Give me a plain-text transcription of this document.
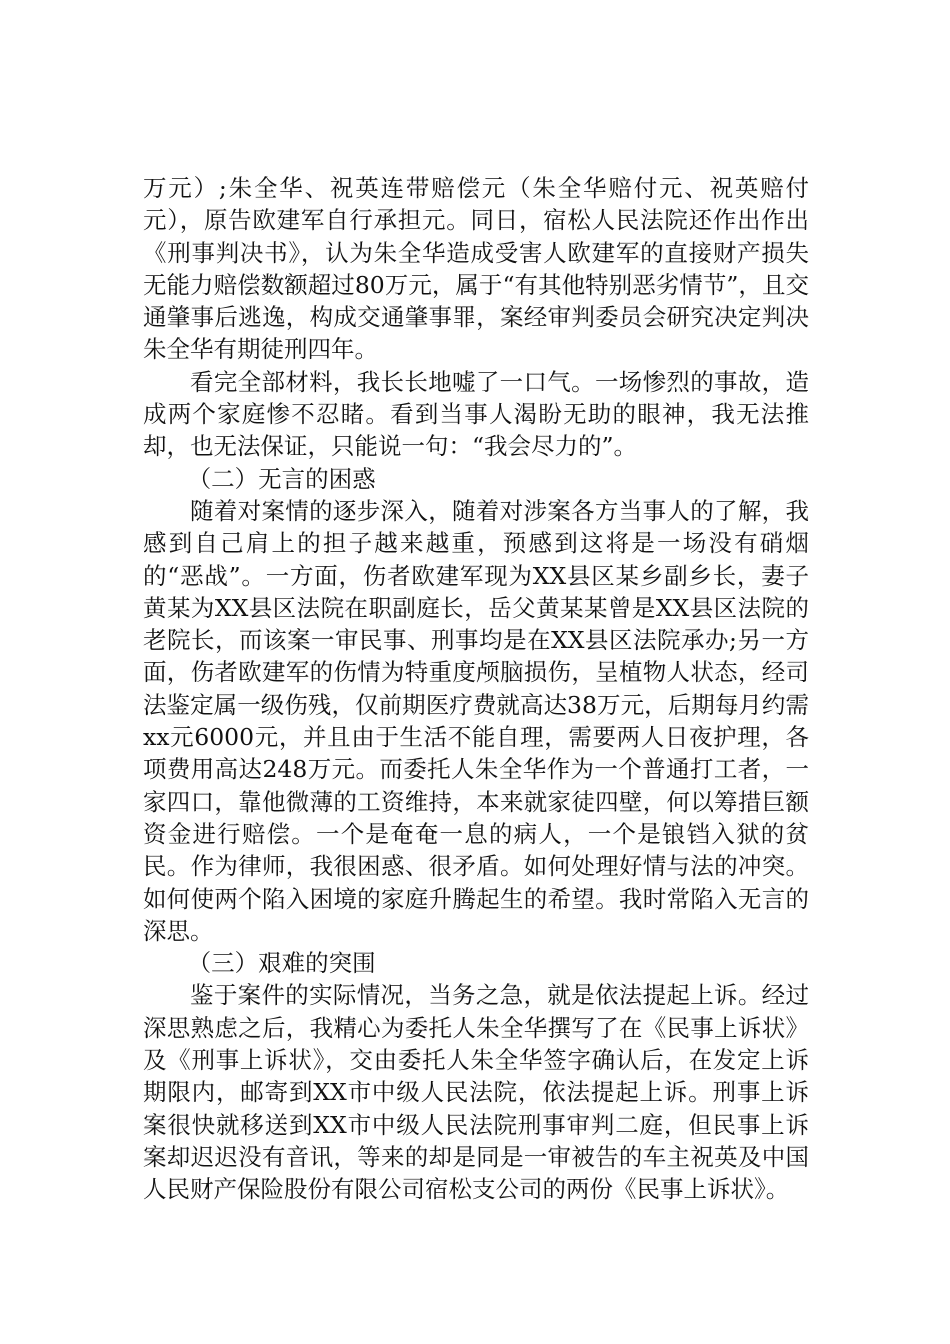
万元）;朱全华、祝英连带赔偿元（朱全华赔付元、祝英赔付元），原告欧建军自行承担元。同日，宿松人民法院还作出作出《刑事判决书》，认为朱全华造成受害人欧建军的直接财产损失无能力赔偿数额超过80万元，属于“有其他特别恶劣情节”，且交通肇事后逃逸，构成交通肇事罪，案经审判委员会研究决定判决朱全华有期徒刑四年。

看完全部材料，我长长地嘘了一口气。一场惨烈的事故，造成两个家庭惨不忍睹。看到当事人渴盼无助的眼神，我无法推却，也无法保证，只能说一句：“我会尽力的”。

（二）无言的困惑

随着对案情的逐步深入，随着对涉案各方当事人的了解，我感到自己肩上的担子越来越重，预感到这将是一场没有硝烟的“恶战”。一方面，伤者欧建军现为XX县区某乡副乡长，妻子黄某为XX县区法院在职副庭长，岳父黄某某曾是XX县区法院的老院长，而该案一审民事、刑事均是在XX县区法院承办;另一方面，伤者欧建军的伤情为特重度颅脑损伤，呈植物人状态，经司法鉴定属一级伤残，仅前期医疗费就高达38万元，后期每月约需xx元6000元，并且由于生活不能自理，需要两人日夜护理，各项费用高达248万元。而委托人朱全华作为一个普通打工者，一家四口，靠他微薄的工资维持，本来就家徒四壁，何以筹措巨额资金进行赔偿。一个是奄奄一息的病人，一个是锒铛入狱的贫民。作为律师，我很困惑、很矛盾。如何处理好情与法的冲突。如何使两个陷入困境的家庭升腾起生的希望。我时常陷入无言的深思。

（三）艰难的突围

鉴于案件的实际情况，当务之急，就是依法提起上诉。经过深思熟虑之后，我精心为委托人朱全华撰写了在《民事上诉状》及《刑事上诉状》，交由委托人朱全华签字确认后，在发定上诉期限内，邮寄到XX市中级人民法院，依法提起上诉。刑事上诉案很快就移送到XX市中级人民法院刑事审判二庭，但民事上诉案却迟迟没有音讯，等来的却是同是一审被告的车主祝英及中国人民财产保险股份有限公司宿松支公司的两份《民事上诉状》。
